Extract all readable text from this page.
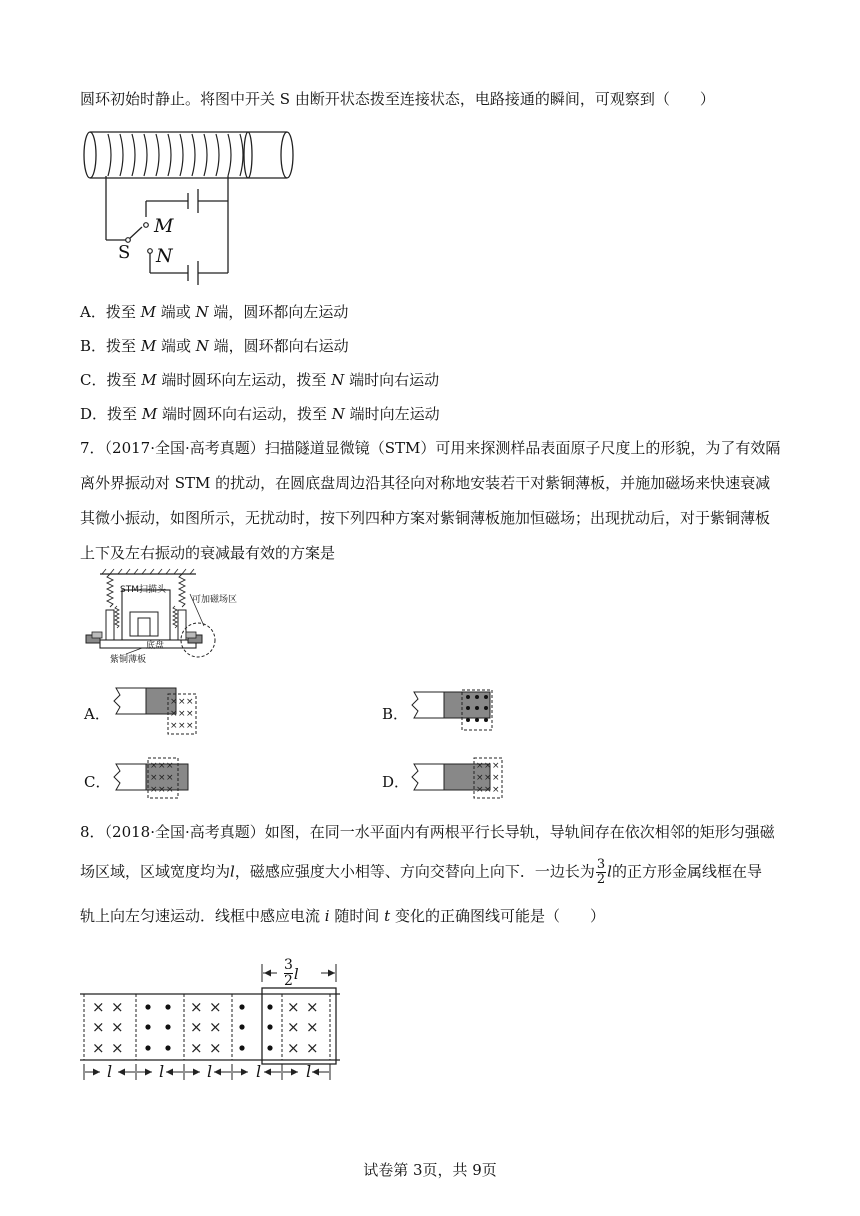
圆环初始时静止。将图中开关 S 由断开状态拨至连接状态，电路接通的瞬间，可观察到（　　）
M
S N
A．拨至 M 端或 N 端，圆环都向左运动
B．拨至 M 端或 N 端，圆环都向右运动
C．拨至 M 端时圆环向左运动，拨至 N 端时向右运动
D．拨至 M 端时圆环向右运动，拨至 N 端时向左运动
7．（2017·全国·高考真题）扫描隧道显微镜（STM）可用来探测样品表面原子尺度上的形貌，为了有效隔
离外界振动对 STM 的扰动，在圆底盘周边沿其径向对称地安装若干对紫铜薄板，并施加磁场来快速衰减
其微小振动，如图所示，无扰动时，按下列四种方案对紫铜薄板施加恒磁场；出现扰动后，对于紫铜薄板
上下及左右振动的衰减最有效的方案是
STM扫描头
可加磁场区
底盘
紫铜薄板
A．
× × ×
× × ×
× × ×
B．
C．
× × ×
× × ×
× × ×	D．
× × ×
× × ×
× × ×
8．（2018·全国·高考真题）如图，在同一水平面内有两根平行长导轨，导轨间存在依次相邻的矩形匀强磁
场区域，区域宽度均为l，磁感应强度大小相等、方向交替向上向下．一边长为 $\frac{3}{2}$ l的正方形金属线框在导
轨上向左匀速运动．线框中感应电流 i 随时间 t 变化的正确图线可能是（　　）
× ×
× ×
× ×
× ×
× ×
× ×
× ×
× ×
× ×
$\frac{3}{2}$ l
l	l	l	l	l
试卷第 3页，共 9页
